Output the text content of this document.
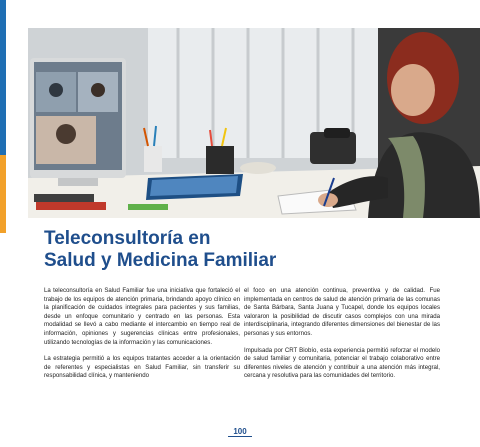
Teleconsultoría en
Salud y Medicina Familiar

La teleconsultoría en Salud Familiar fue una iniciativa que fortaleció el trabajo de los equipos de atención primaria, brindando apoyo clínico en la planificación de cuidados integrales para pacientes y sus familias, desde un enfoque comunitario y centrado en las personas. Esta modalidad se llevó a cabo mediante el intercambio en tiempo real de información, opiniones y sugerencias clínicas entre profesionales, utilizando tecnologías de la información y las comunicaciones.

La estrategia permitió a los equipos tratantes acceder a la orientación de referentes y especialistas en Salud Familiar, sin transferir su responsabilidad clínica, y manteniendo

el foco en una atención continua, preventiva y de calidad. Fue implementada en centros de salud de atención primaria de las comunas de Santa Bárbara, Santa Juana y Tucapel, donde los equipos locales valoraron la posibilidad de discutir casos complejos con una mirada interdisciplinaria, integrando diferentes dimensiones del bienestar de las personas y sus entornos.

Impulsada por CRT Biobío, esta experiencia permitió reforzar el modelo de salud familiar y comunitaria, potenciar el trabajo colaborativo entre diferentes niveles de atención y contribuir a una atención más integral, cercana y resolutiva para las comunidades del territorio.

100
